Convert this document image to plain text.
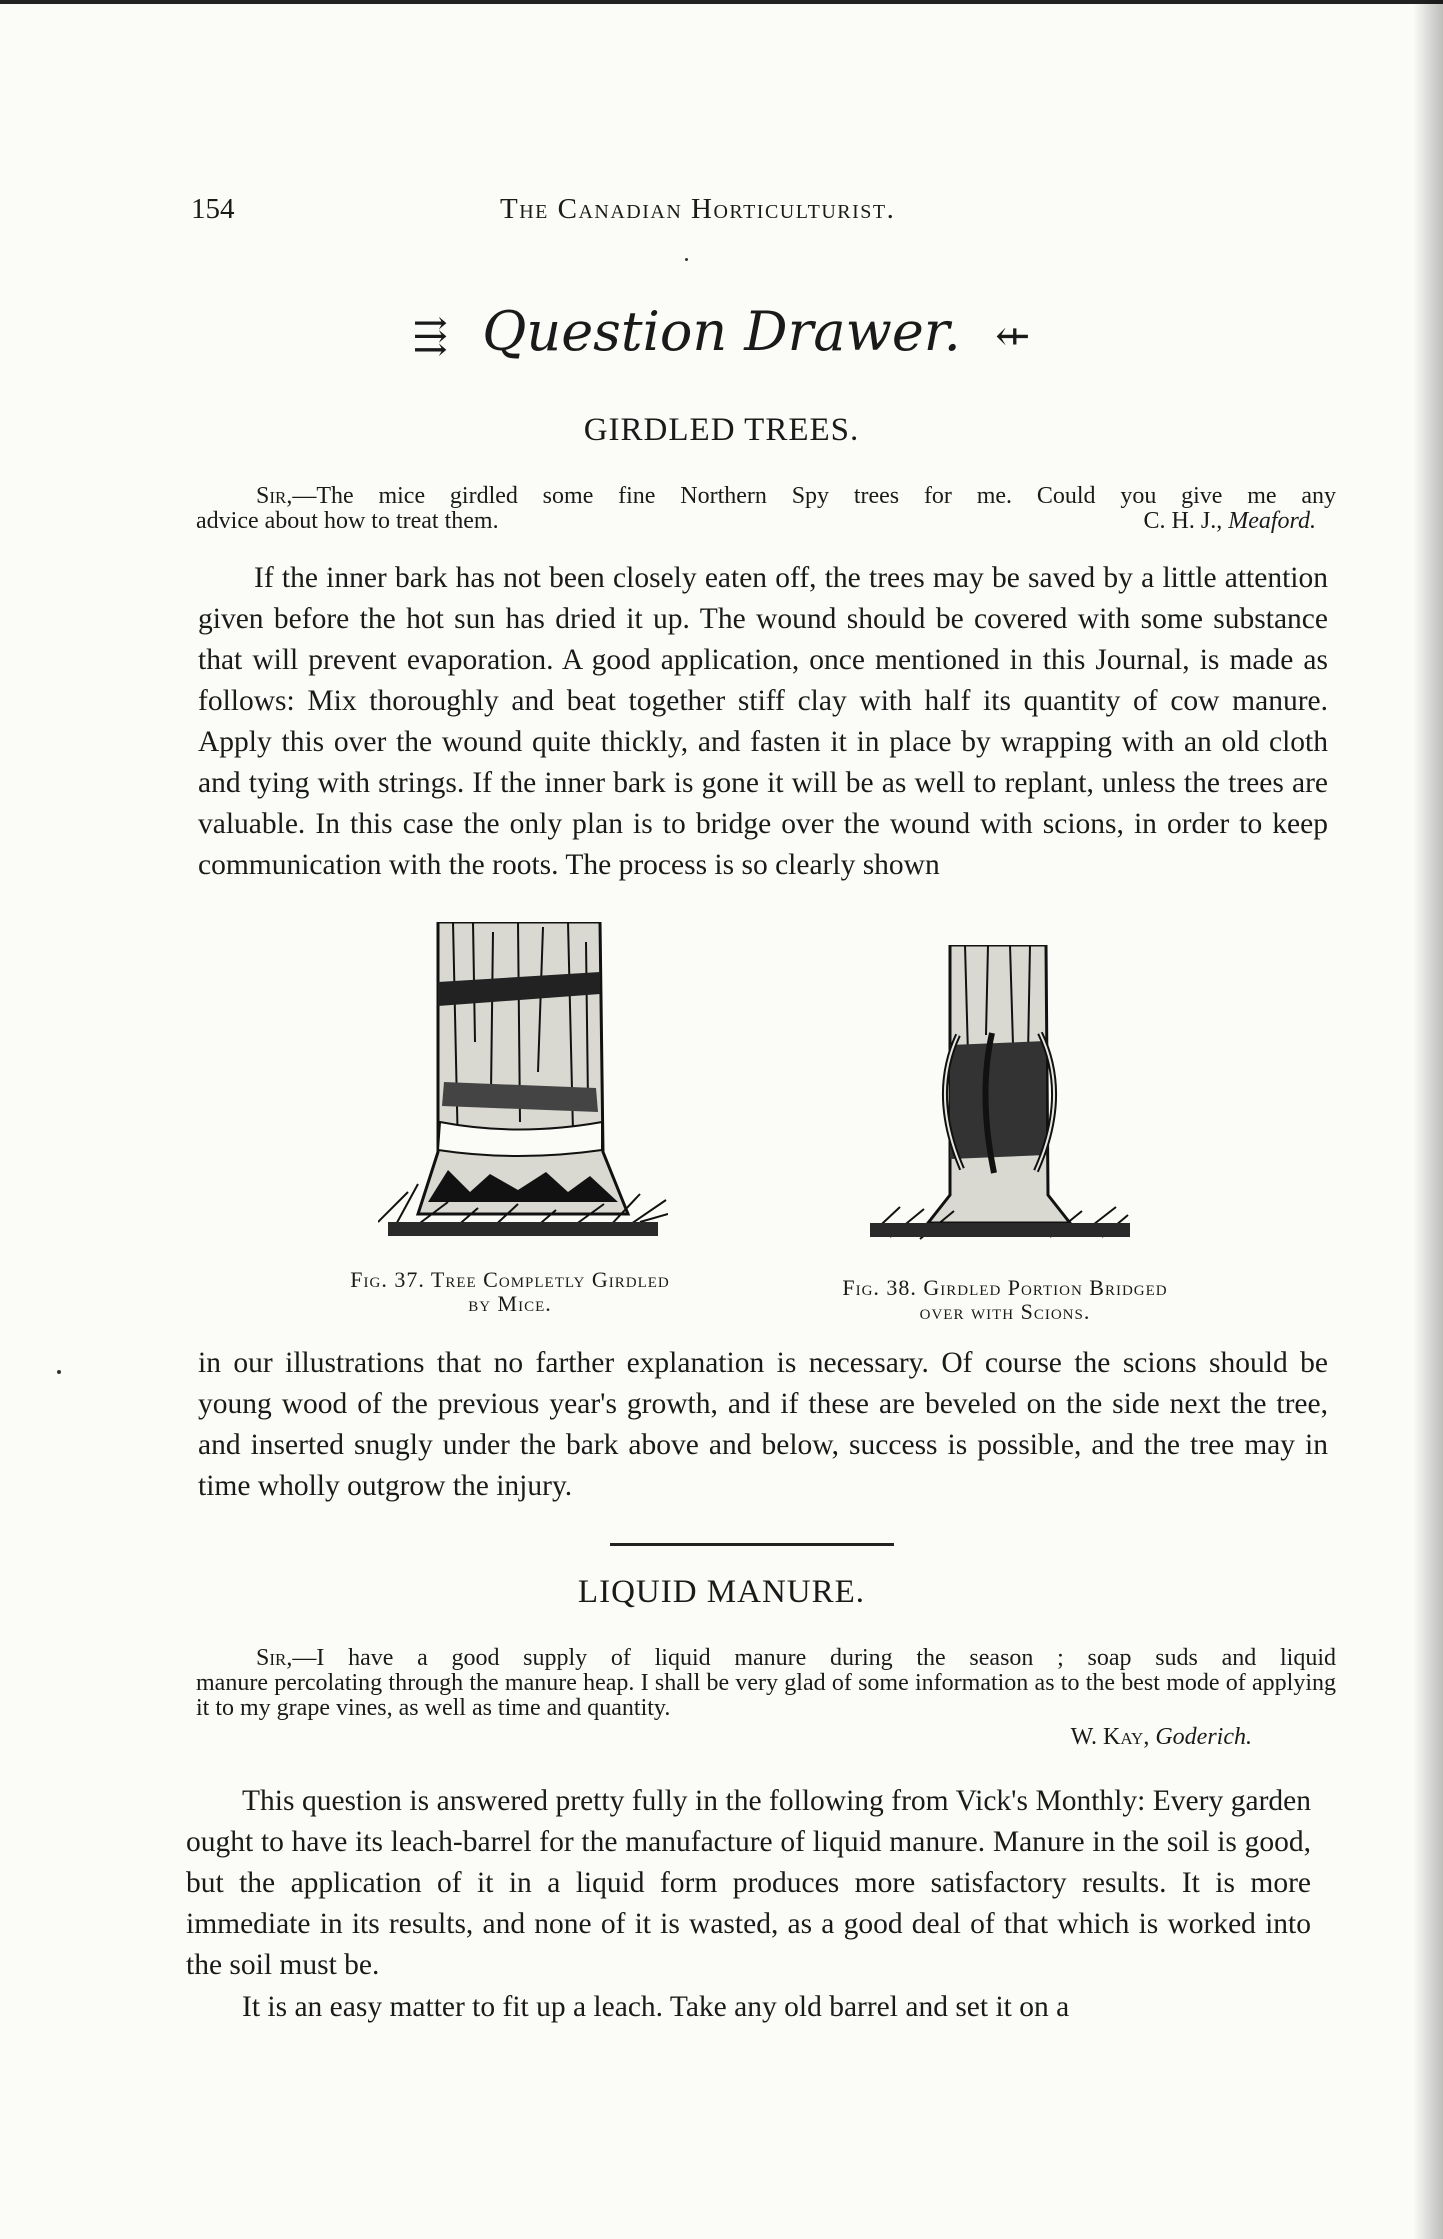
154	The Canadian Horticulturist.
⇶ Question Drawer. ⇷
GIRDLED TREES.
Sir,—The mice girdled some fine Northern Spy trees for me. Could you give me any
advice about how to treat them.	C. H. J., Meaford.

If the inner bark has not been closely eaten off, the trees may be saved by a little attention given before the hot sun has dried it up. The wound should be covered with some substance that will prevent evaporation. A good application, once mentioned in this Journal, is made as follows: Mix thoroughly and beat together stiff clay with half its quantity of cow manure. Apply this over the wound quite thickly, and fasten it in place by wrapping with an old cloth and tying with strings. If the inner bark is gone it will be as well to replant, unless the trees are valuable. In this case the only plan is to bridge over the wound with scions, in order to keep communication with the roots. The process is so clearly shown

Fig. 37. Tree Completly Girdled
by Mice.
Fig. 38. Girdled Portion Bridged
over with Scions.

in our illustrations that no farther explanation is necessary. Of course the scions should be young wood of the previous year's growth, and if these are beveled on the side next the tree, and inserted snugly under the bark above and below, success is possible, and the tree may in time wholly outgrow the injury.

LIQUID MANURE.
Sir,—I have a good supply of liquid manure during the season ; soap suds and liquid
manure percolating through the manure heap. I shall be very glad of some information as to the best mode of applying it to my grape vines, as well as time and quantity.
W. Kay, Goderich.

This question is answered pretty fully in the following from Vick's Monthly: Every garden ought to have its leach-barrel for the manufacture of liquid manure. Manure in the soil is good, but the application of it in a liquid form produces more satisfactory results. It is more immediate in its results, and none of it is wasted, as a good deal of that which is worked into the soil must be.

It is an easy matter to fit up a leach. Take any old barrel and set it on a
